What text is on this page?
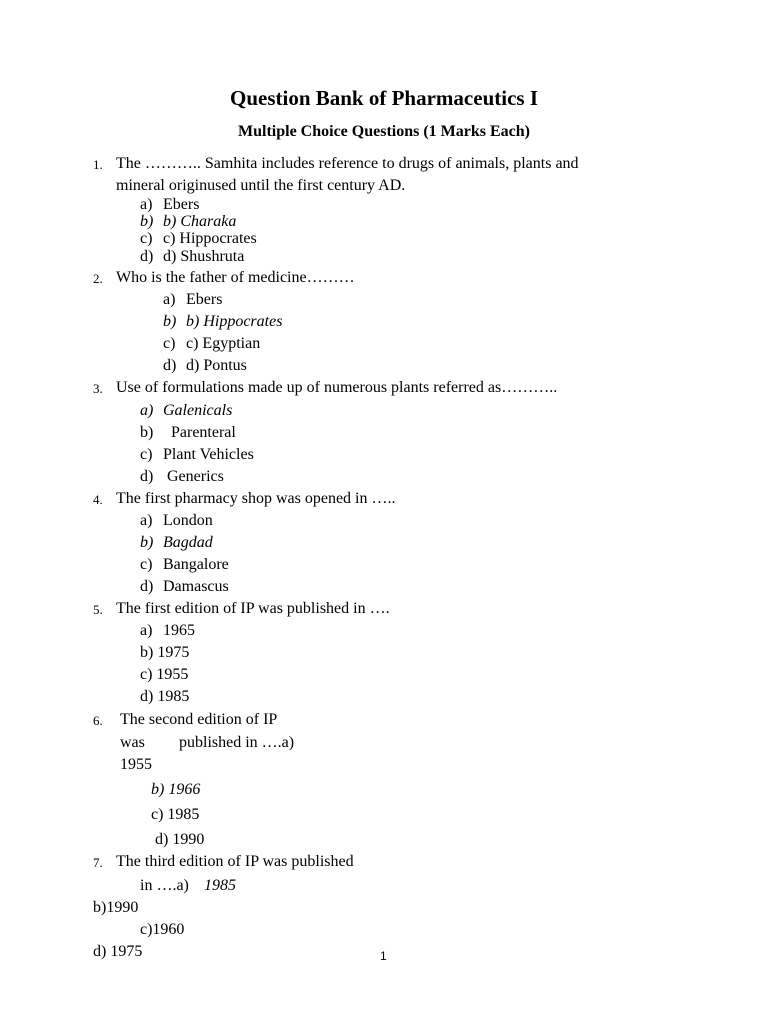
Question Bank of Pharmaceutics I
Multiple Choice Questions (1 Marks Each)
1. The ……….. Samhita includes reference to drugs of animals, plants and
mineral originused until the first century AD.
a) Ebers
b) b) Charaka
c) c) Hippocrates
d) d) Shushruta
2. Who is the father of medicine………
a) Ebers
b) b) Hippocrates
c) c) Egyptian
d) d) Pontus
3. Use of formulations made up of numerous plants referred as………..
a) Galenicals
b) Parenteral
c) Plant Vehicles
d) Generics
4. The first pharmacy shop was opened in …..
a) London
b) Bagdad
c) Bangalore
d) Damascus
5. The first edition of IP was published in ….
a) 1965
b) 1975
c) 1955
d) 1985
6. The second edition of IP
was published in ….a)
1955
b) 1966
c) 1985
d) 1990
7. The third edition of IP was published
in ….a) 1985
b)1990
c)1960
d) 1975	1
